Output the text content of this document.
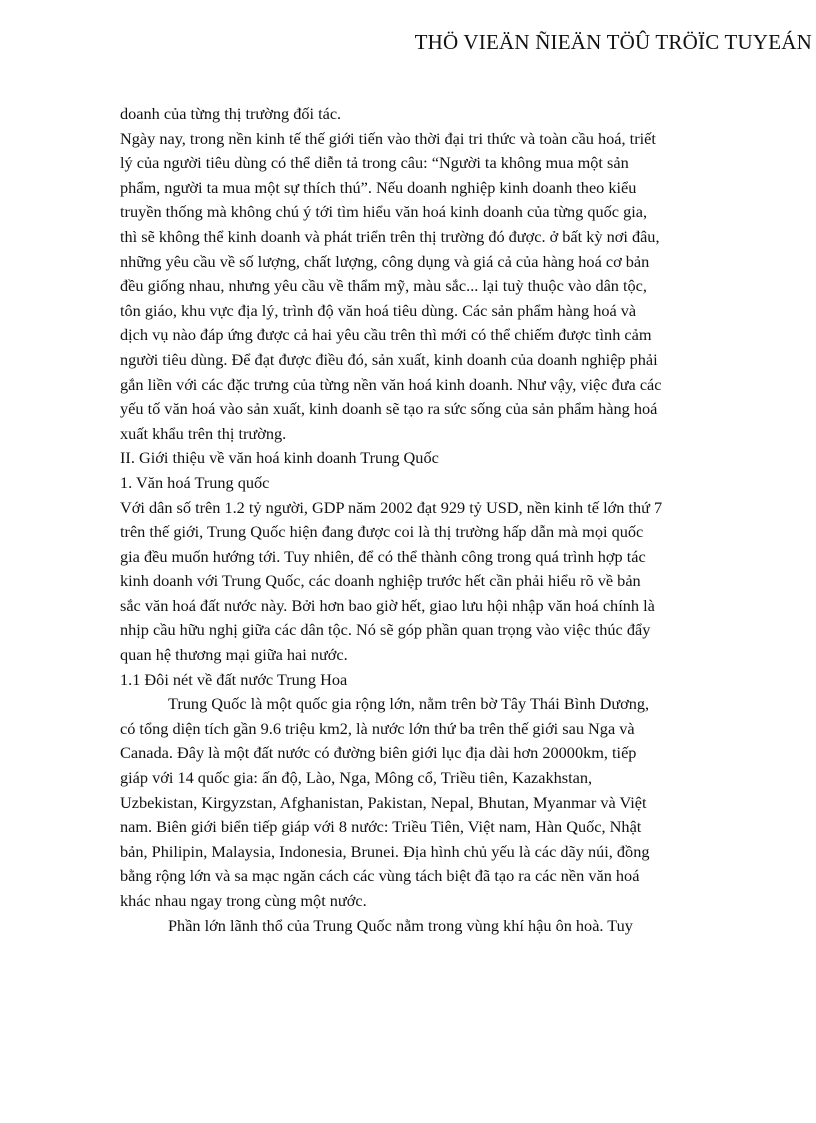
THÖ VIEÄN ÑIEÄN TÖÛ TRÖÏC TUYEÁN
doanh của từng thị trường đối tác.
Ngày nay, trong nền kinh tế thế giới tiến vào thời đại tri thức và toàn cầu hoá, triết
lý của người tiêu dùng có thể diễn tả trong câu: “Người ta không mua một sản
phẩm, người ta mua một sự thích thú”. Nếu doanh nghiệp kinh doanh theo kiểu
truyền thống mà không chú ý tới tìm hiểu văn hoá kinh doanh của từng quốc gia,
thì sẽ không thể kinh doanh và phát triển trên thị trường đó được. ở bất kỳ nơi đâu,
những yêu cầu về số lượng, chất lượng, công dụng và giá cả của hàng hoá cơ bản
đều giống nhau, nhưng yêu cầu về thẩm mỹ, màu sắc... lại tuỳ thuộc vào dân tộc,
tôn giáo, khu vực địa lý, trình độ văn hoá tiêu dùng. Các sản phẩm hàng hoá và
dịch vụ nào đáp ứng được cả hai yêu cầu trên thì mới có thể chiếm được tình cảm
người tiêu dùng. Để đạt được điều đó, sản xuất, kinh doanh của doanh nghiệp phải
gắn liền với các đặc trưng của từng nền văn hoá kinh doanh. Như vậy, việc đưa các
yếu tố văn hoá vào sản xuất, kinh doanh sẽ tạo ra sức sống của sản phẩm hàng hoá
xuất khẩu trên thị trường.
II. Giới thiệu về văn hoá kinh doanh Trung Quốc
1. Văn hoá Trung quốc
Với dân số trên 1.2 tỷ người, GDP năm 2002 đạt 929 tỷ USD, nền kinh tế lớn thứ 7
trên thế giới, Trung Quốc hiện đang được coi là thị trường hấp dẫn mà mọi quốc
gia đều muốn hướng tới. Tuy nhiên, để có thể thành công trong quá trình hợp tác
kinh doanh với Trung Quốc, các doanh nghiệp trước hết cần phải hiểu rõ về bản
sắc văn hoá đất nước này. Bởi hơn bao giờ hết, giao lưu hội nhập văn hoá chính là
nhịp cầu hữu nghị giữa các dân tộc. Nó sẽ góp phần quan trọng vào việc thúc đẩy
quan hệ thương mại giữa hai nước.
1.1 Đôi nét về đất nước Trung Hoa
Trung Quốc là một quốc gia rộng lớn, nằm trên bờ Tây Thái Bình Dương,
có tổng diện tích gần 9.6 triệu km2, là nước lớn thứ ba trên thế giới sau Nga và
Canada. Đây là một đất nước có đường biên giới lục địa dài hơn 20000km, tiếp
giáp với 14 quốc gia: ấn độ, Lào, Nga, Mông cổ, Triều tiên, Kazakhstan,
Uzbekistan, Kirgyzstan, Afghanistan, Pakistan, Nepal, Bhutan, Myanmar và Việt
nam. Biên giới biển tiếp giáp với 8 nước: Triều Tiên, Việt nam, Hàn Quốc, Nhật
bản, Philipin, Malaysia, Indonesia, Brunei. Địa hình chủ yếu là các dãy núi, đồng
bằng rộng lớn và sa mạc ngăn cách các vùng tách biệt đã tạo ra các nền văn hoá
khác nhau ngay trong cùng một nước.
Phần lớn lãnh thổ của Trung Quốc nằm trong vùng khí hậu ôn hoà. Tuy
